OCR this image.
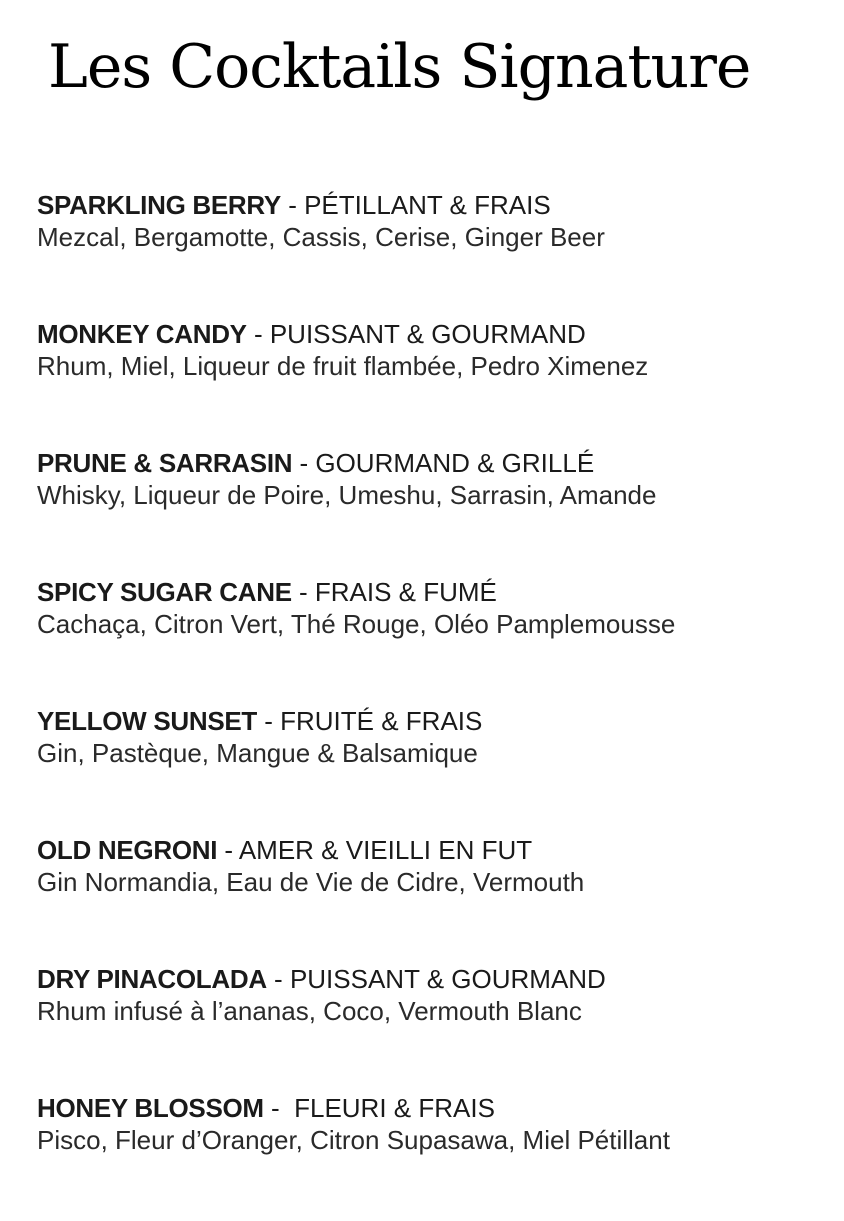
Les Cocktails Signature
SPARKLING BERRY - PÉTILLANT & FRAIS
Mezcal, Bergamotte, Cassis, Cerise, Ginger Beer
MONKEY CANDY - PUISSANT & GOURMAND
Rhum, Miel, Liqueur de fruit flambée, Pedro Ximenez
PRUNE & SARRASIN - GOURMAND & GRILLÉ
Whisky, Liqueur de Poire, Umeshu, Sarrasin, Amande
SPICY SUGAR CANE - FRAIS & FUMÉ
Cachaça, Citron Vert, Thé Rouge, Oléo Pamplemousse
YELLOW SUNSET - FRUITÉ & FRAIS
Gin, Pastèque, Mangue & Balsamique
OLD NEGRONI - AMER & VIEILLI EN FUT
Gin Normandia, Eau de Vie de Cidre, Vermouth
DRY PINACOLADA - PUISSANT & GOURMAND
Rhum infusé à l’ananas, Coco, Vermouth Blanc
HONEY BLOSSOM -  FLEURI & FRAIS
Pisco, Fleur d’Oranger, Citron Supasawa, Miel Pétillant
